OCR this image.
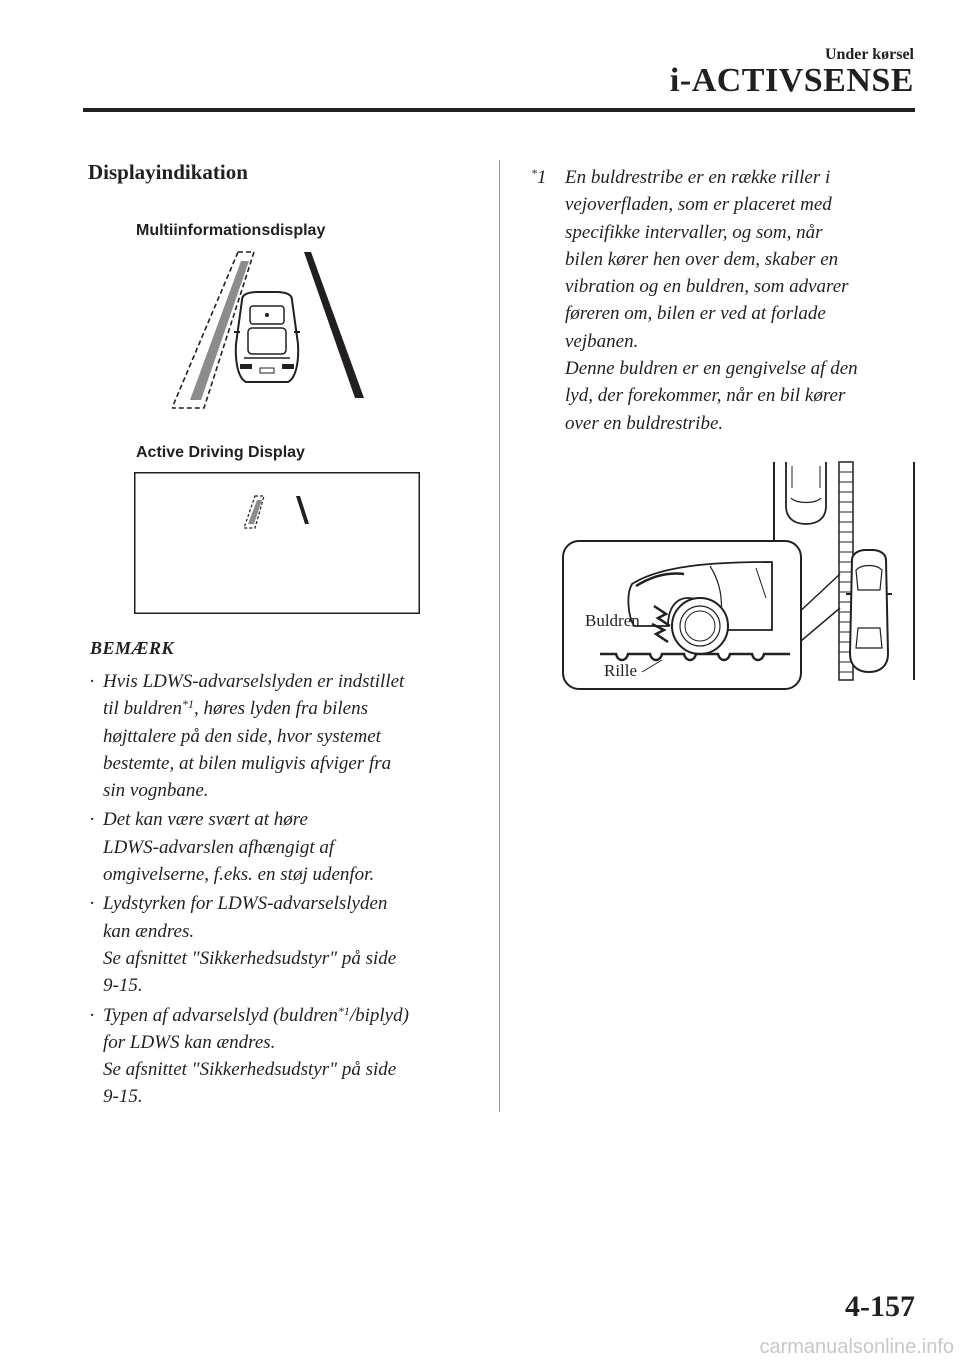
Under kørsel
i-ACTIVSENSE
Displayindikation
Multiinformationsdisplay
Active Driving Display
BEMÆRK
· Hvis LDWS-advarselslyden er indstillet
til buldren$^{*1}$, høres lyden fra bilens
højttalere på den side, hvor systemet
bestemte, at bilen muligvis afviger fra
sin vognbane.
· Det kan være svært at høre
LDWS-advarslen afhængigt af
omgivelserne, f.eks. en støj udenfor.
· Lydstyrken for LDWS-advarselslyden
kan ændres.
Se afsnittet "Sikkerhedsudstyr" på side
9-15.
· Typen af advarselslyd (buldren$^{*1}$/biplyd)
for LDWS kan ændres.
Se afsnittet "Sikkerhedsudstyr" på side
9-15.
*1 En buldrestribe er en række riller i
vejoverfladen, som er placeret med
specifikke intervaller, og som, når
bilen kører hen over dem, skaber en
vibration og en buldren, som advarer
føreren om, bilen er ved at forlade
vejbanen.
Denne buldren er en gengivelse af den
lyd, der forekommer, når en bil kører
over en buldrestribe.
Buldren
Rille
4-157
carmanualsonline.info
